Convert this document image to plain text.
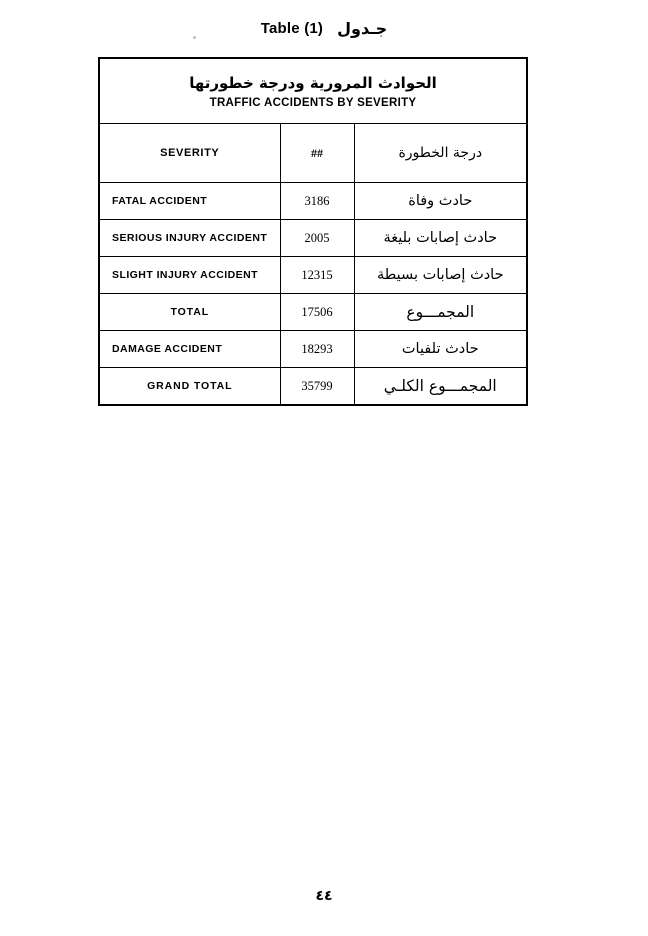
Table (1) جـدول
الحوادث المرورية ودرجة خطورتها
TRAFFIC ACCIDENTS BY SEVERITY		

SEVERITY	##	درجة الخطورة
FATAL ACCIDENT	3186	حادث وفاة
SERIOUS INJURY ACCIDENT	2005	حادث إصابات بليغة
SLIGHT INJURY ACCIDENT	12315	حادث إصابات بسيطة
TOTAL	17506	المجمـــوع
DAMAGE ACCIDENT	18293	حادث تلفيات
GRAND TOTAL	35799	المجمـــوع الكلـي
٤٤
